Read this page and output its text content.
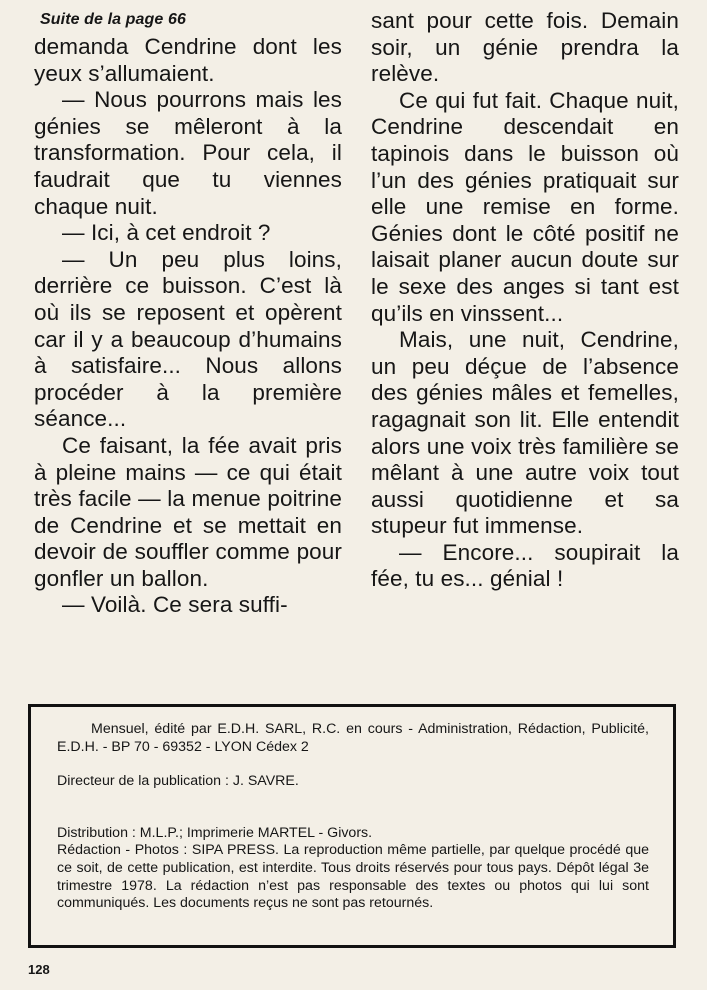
Suite de la page 66

demanda Cendrine dont les yeux s’allumaient.

— Nous pourrons mais les génies se mêleront à la transformation. Pour cela, il faudrait que tu viennes chaque nuit.

— Ici, à cet endroit ?

— Un peu plus loins, derrière ce buisson. C’est là où ils se reposent et opèrent car il y a beaucoup d’humains à satisfaire... Nous allons procéder à la première séance...

Ce faisant, la fée avait pris à pleine mains — ce qui était très facile — la menue poitrine de Cendrine et se mettait en devoir de souffler comme pour gonfler un ballon.

— Voilà. Ce sera suffi-

sant pour cette fois. Demain soir, un génie prendra la relève.

Ce qui fut fait. Chaque nuit, Cendrine descendait en tapinois dans le buisson où l’un des génies pratiquait sur elle une remise en forme. Génies dont le côté positif ne laisait planer aucun doute sur le sexe des anges si tant est qu’ils en vinssent...

Mais, une nuit, Cendrine, un peu déçue de l’absence des génies mâles et femelles, ragagnait son lit. Elle entendit alors une voix très familière se mêlant à une autre voix tout aussi quotidienne et sa stupeur fut immense.

— Encore... soupirait la fée, tu es... génial !

Mensuel, édité par E.D.H. SARL, R.C. en cours - Administration, Rédaction, Publicité, E.D.H. - BP 70 - 69352 - LYON Cédex 2

Directeur de la publication : J. SAVRE.

Distribution : M.L.P.; Imprimerie MARTEL - Givors.

Rédaction - Photos : SIPA PRESS. La reproduction même partielle, par quelque procédé que ce soit, de cette publication, est interdite. Tous droits réservés pour tous pays. Dépôt légal 3e trimestre 1978. La rédaction n’est pas responsable des textes ou photos qui lui sont communiqués. Les documents reçus ne sont pas retournés.

128
